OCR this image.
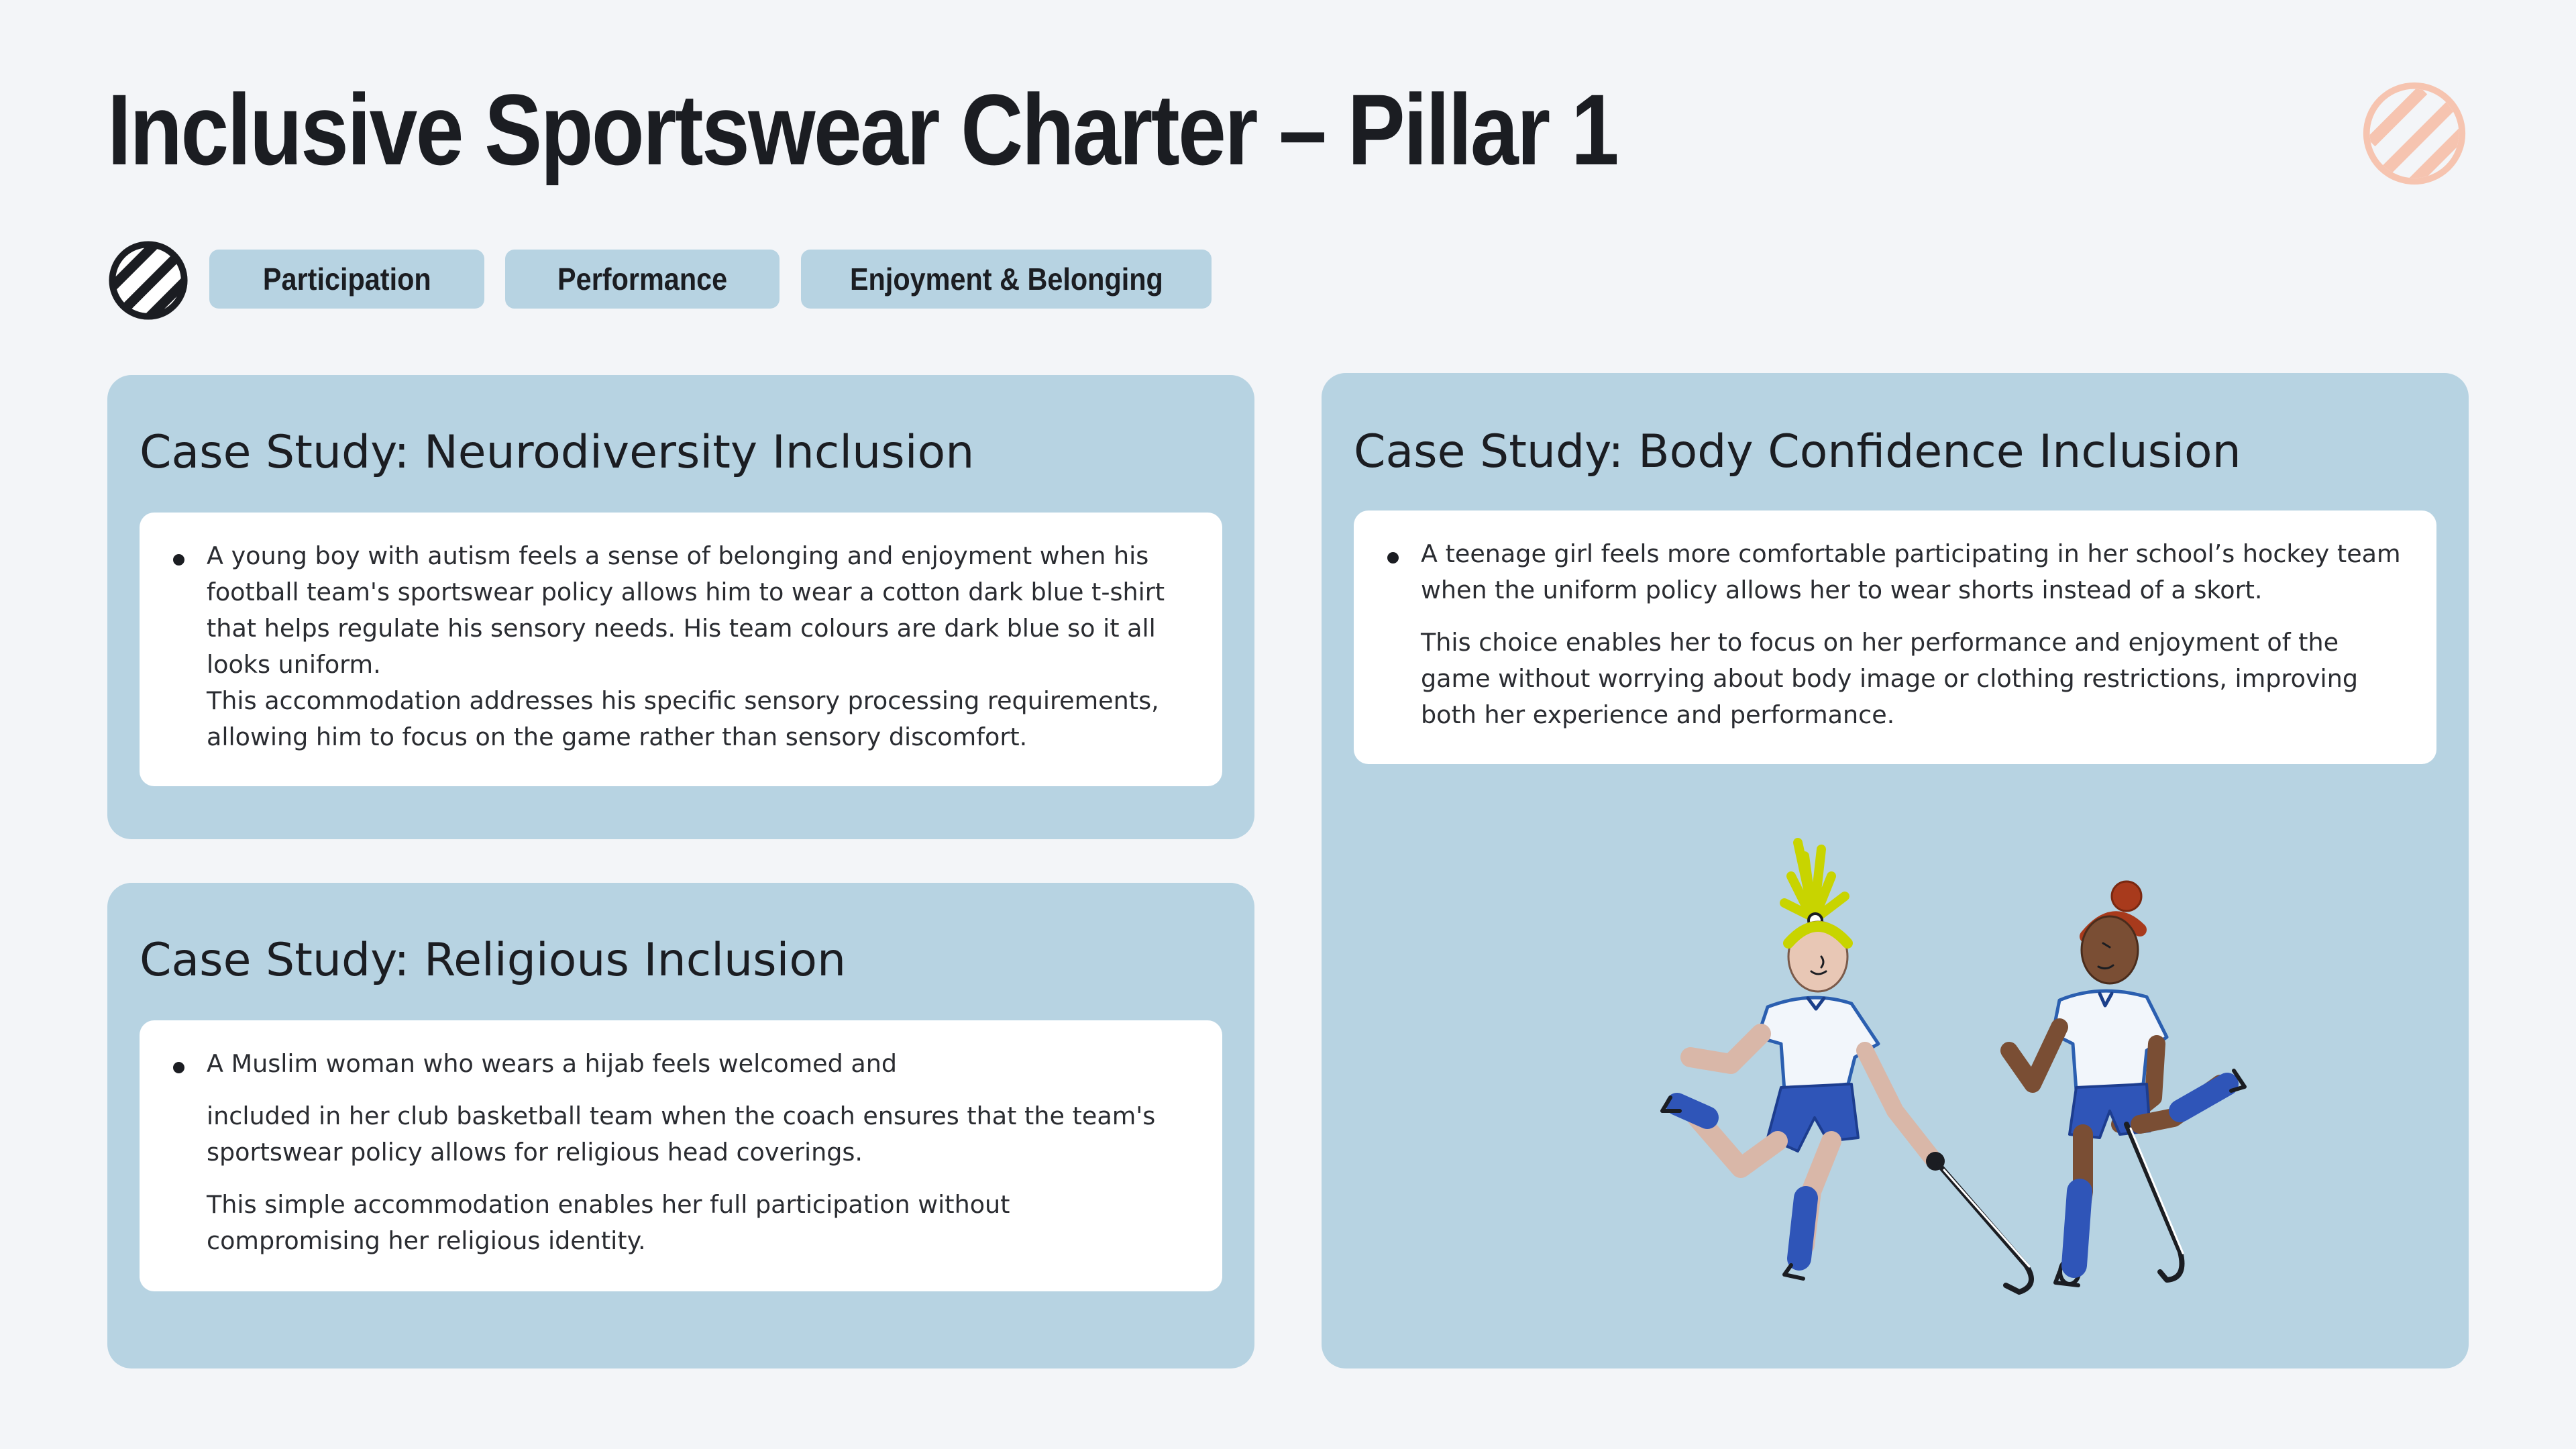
Inclusive Sportswear Charter – Pillar 1
Participation	Performance	Enjoyment & Belonging
Case Study: Neurodiversity Inclusion

A young boy with autism feels a sense of belonging and enjoyment when his football team's sportswear policy allows him to wear a cotton dark blue t-shirt that helps regulate his sensory needs. His team colours are dark blue so it all looks uniform.

This accommodation addresses his specific sensory processing requirements, allowing him to focus on the game rather than sensory discomfort.

Case Study: Religious Inclusion

A Muslim woman who wears a hijab feels welcomed and

included in her club basketball team when the coach ensures that the team's sportswear policy allows for religious head coverings.

This simple accommodation enables her full participation without compromising her religious identity.

Case Study: Body Confidence Inclusion

A teenage girl feels more comfortable participating in her school’s hockey team when the uniform policy allows her to wear shorts instead of a skort.

This choice enables her to focus on her performance and enjoyment of the game without worrying about body image or clothing restrictions, improving both her experience and performance.
